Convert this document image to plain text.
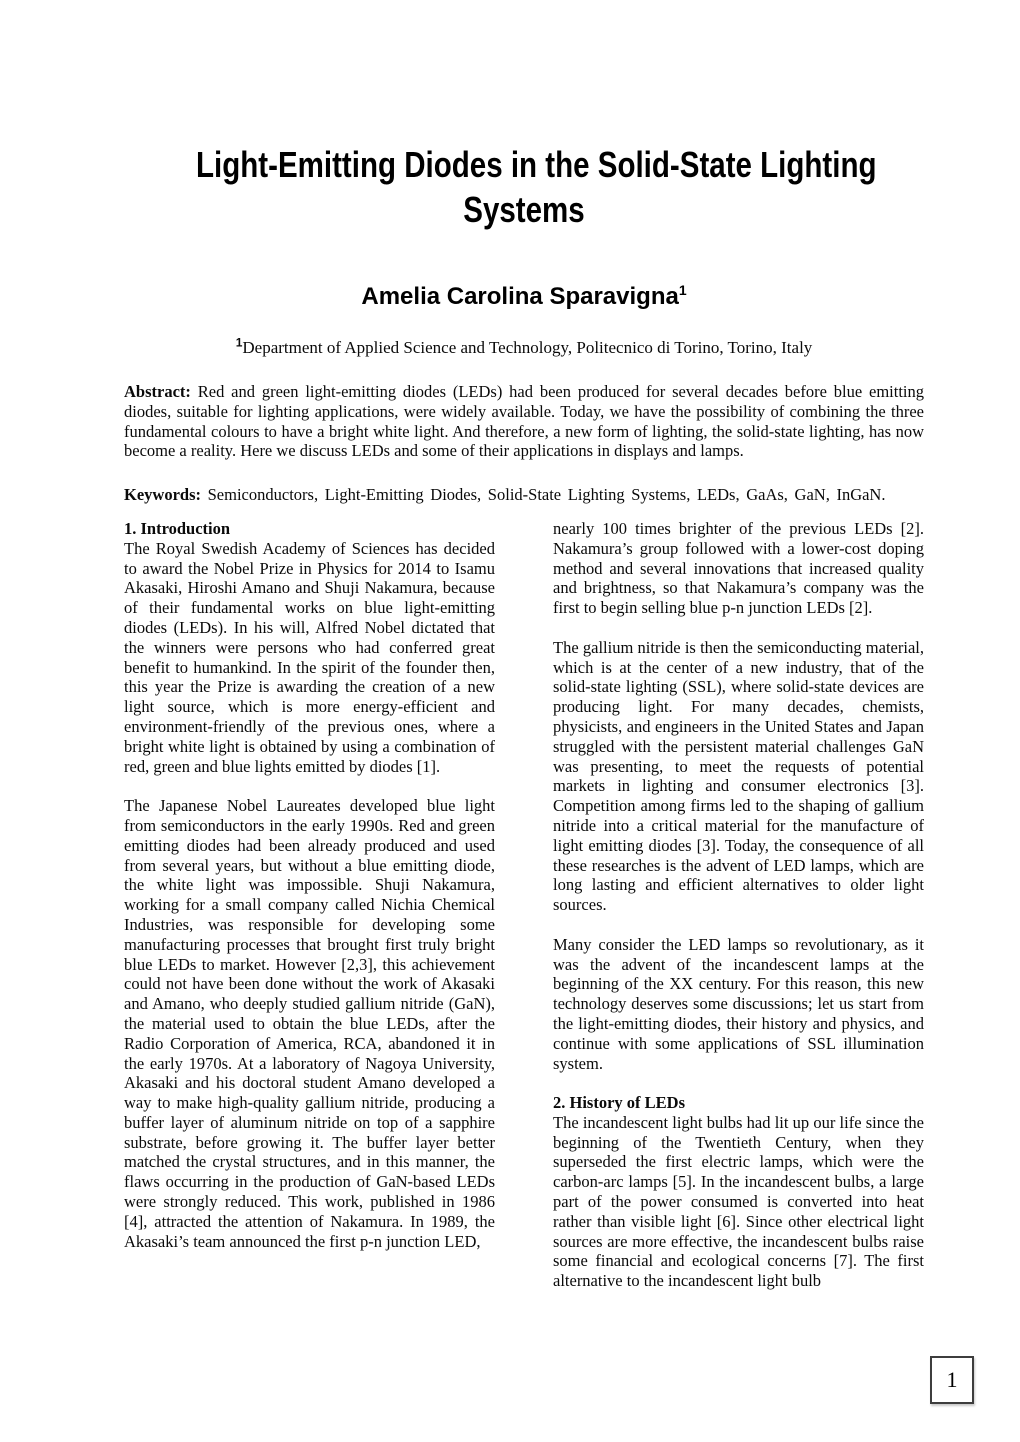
Light-Emitting Diodes in the Solid-State Lighting
Systems
Amelia Carolina Sparavigna$^1$
$^1$Department of Applied Science and Technology, Politecnico di Torino, Torino, Italy

Abstract: Red and green light-emitting diodes (LEDs) had been produced for several decades before blue emitting diodes, suitable for lighting applications, were widely available. Today, we have the possibility of combining the three fundamental colours to have a bright white light. And therefore, a new form of lighting, the solid-state lighting, has now become a reality. Here we discuss LEDs and some of their applications in displays and lamps.

Keywords: Semiconductors, Light-Emitting Diodes, Solid-State Lighting Systems, LEDs, GaAs, GaN, InGaN.

1. Introduction

The Royal Swedish Academy of Sciences has decided to award the Nobel Prize in Physics for 2014 to Isamu Akasaki, Hiroshi Amano and Shuji Nakamura, because of their fundamental works on blue light-emitting diodes (LEDs). In his will, Alfred Nobel dictated that the winners were persons who had conferred great benefit to humankind. In the spirit of the founder then, this year the Prize is awarding the creation of a new light source, which is more energy-efficient and environment-friendly of the previous ones, where a bright white light is obtained by using a combination of red, green and blue lights emitted by diodes [1].

The Japanese Nobel Laureates developed blue light from semiconductors in the early 1990s. Red and green emitting diodes had been already produced and used from several years, but without a blue emitting diode, the white light was impossible. Shuji Nakamura, working for a small company called Nichia Chemical Industries, was responsible for developing some manufacturing processes that brought first truly bright blue LEDs to market. However [2,3], this achievement could not have been done without the work of Akasaki and Amano, who deeply studied gallium nitride (GaN), the material used to obtain the blue LEDs, after the Radio Corporation of America, RCA, abandoned it in the early 1970s. At a laboratory of Nagoya University, Akasaki and his doctoral student Amano developed a way to make high-quality gallium nitride, producing a buffer layer of aluminum nitride on top of a sapphire substrate, before growing it. The buffer layer better matched the crystal structures, and in this manner, the flaws occurring in the production of GaN-based LEDs were strongly reduced. This work, published in 1986 [4], attracted the attention of Nakamura. In 1989, the Akasaki’s team announced the first p-n junction LED,

nearly 100 times brighter of the previous LEDs [2]. Nakamura’s group followed with a lower-cost doping method and several innovations that increased quality and brightness, so that Nakamura’s company was the first to begin selling blue p-n junction LEDs [2].

The gallium nitride is then the semiconducting material, which is at the center of a new industry, that of the solid-state lighting (SSL), where solid-state devices are producing light. For many decades, chemists, physicists, and engineers in the United States and Japan struggled with the persistent material challenges GaN was presenting, to meet the requests of potential markets in lighting and consumer electronics [3]. Competition among firms led to the shaping of gallium nitride into a critical material for the manufacture of light emitting diodes [3]. Today, the consequence of all these researches is the advent of LED lamps, which are long lasting and efficient alternatives to older light sources.

Many consider the LED lamps so revolutionary, as it was the advent of the incandescent lamps at the beginning of the XX century. For this reason, this new technology deserves some discussions; let us start from the light-emitting diodes, their history and physics, and continue with some applications of SSL illumination system.

2. History of LEDs

The incandescent light bulbs had lit up our life since the beginning of the Twentieth Century, when they superseded the first electric lamps, which were the carbon-arc lamps [5]. In the incandescent bulbs, a large part of the power consumed is converted into heat rather than visible light [6]. Since other electrical light sources are more effective, the incandescent bulbs raise some financial and ecological concerns [7]. The first alternative to the incandescent light bulb

1
